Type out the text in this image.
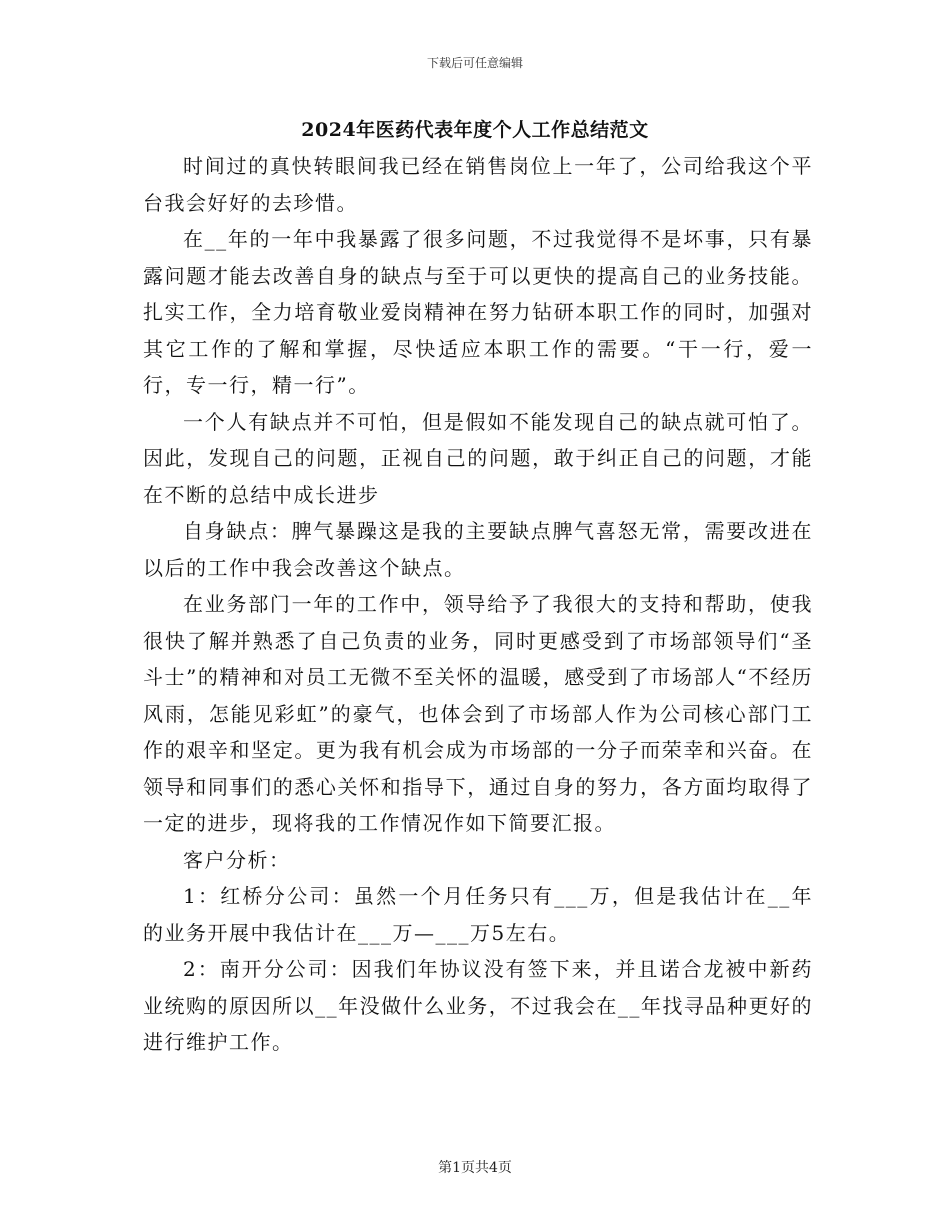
下载后可任意编辑
2024年医药代表年度个人工作总结范文

时间过的真快转眼间我已经在销售岗位上一年了，公司给我这个平台我会好好的去珍惜。

在__年的一年中我暴露了很多问题，不过我觉得不是坏事，只有暴露问题才能去改善自身的缺点与至于可以更快的提高自己的业务技能。扎实工作，全力培育敬业爱岗精神在努力钻研本职工作的同时，加强对其它工作的了解和掌握，尽快适应本职工作的需要。“干一行，爱一行，专一行，精一行”。

一个人有缺点并不可怕，但是假如不能发现自己的缺点就可怕了。因此，发现自己的问题，正视自己的问题，敢于纠正自己的问题，才能在不断的总结中成长进步

自身缺点：脾气暴躁这是我的主要缺点脾气喜怒无常，需要改进在以后的工作中我会改善这个缺点。

在业务部门一年的工作中，领导给予了我很大的支持和帮助，使我很快了解并熟悉了自己负责的业务，同时更感受到了市场部领导们“圣斗士”的精神和对员工无微不至关怀的温暖，感受到了市场部人“不经历风雨，怎能见彩虹”的豪气，也体会到了市场部人作为公司核心部门工作的艰辛和坚定。更为我有机会成为市场部的一分子而荣幸和兴奋。在领导和同事们的悉心关怀和指导下，通过自身的努力，各方面均取得了一定的进步，现将我的工作情况作如下简要汇报。

客户分析：

1：红桥分公司：虽然一个月任务只有___万，但是我估计在__年的业务开展中我估计在___万—___万5左右。

2：南开分公司：因我们年协议没有签下来，并且诺合龙被中新药业统购的原因所以__年没做什么业务，不过我会在__年找寻品种更好的进行维护工作。

第1页共4页
